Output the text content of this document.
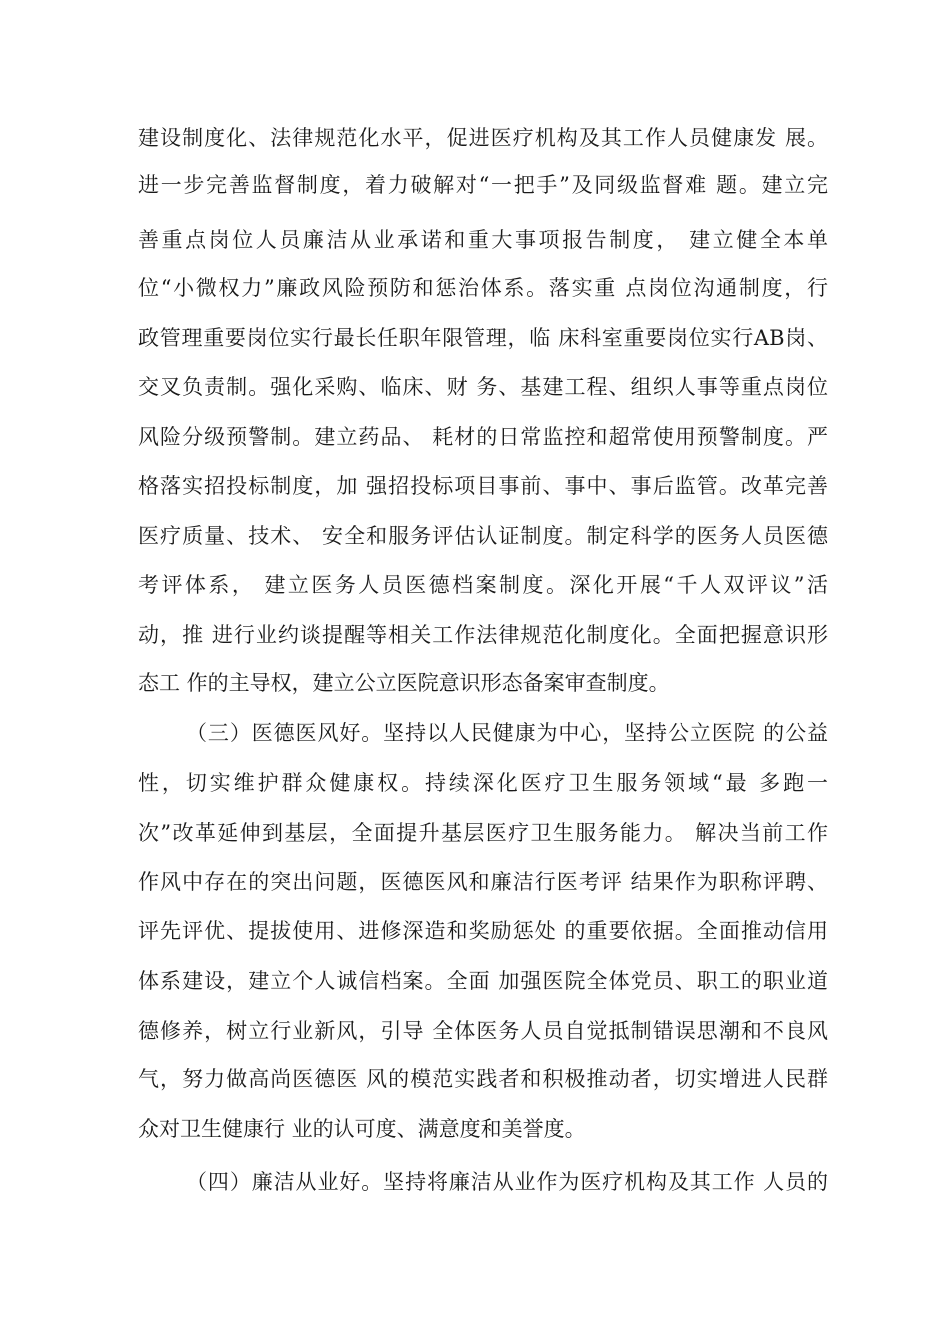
建设制度化、法律规范化水平，促进医疗机构及其工作人员健康发 展。
进一步完善监督制度，着力破解对“一把手”及同级监督难 题。建立完
善重点岗位人员廉洁从业承诺和重大事项报告制度， 建立健全本单
位“小微权力”廉政风险预防和惩治体系。落实重 点岗位沟通制度，行
政管理重要岗位实行最长任职年限管理，临 床科室重要岗位实行AB岗、
交叉负责制。强化采购、临床、财 务、基建工程、组织人事等重点岗位
风险分级预警制。建立药品、 耗材的日常监控和超常使用预警制度。严
格落实招投标制度，加 强招投标项目事前、事中、事后监管。改革完善
医疗质量、技术、 安全和服务评估认证制度。制定科学的医务人员医德
考评体系， 建立医务人员医德档案制度。深化开展“千人双评议”活
动，推 进行业约谈提醒等相关工作法律规范化制度化。全面把握意识形
态工 作的主导权，建立公立医院意识形态备案审查制度。
（三）医德医风好。坚持以人民健康为中心，坚持公立医院 的公益
性，切实维护群众健康权。持续深化医疗卫生服务领域“最 多跑一
次”改革延伸到基层，全面提升基层医疗卫生服务能力。 解决当前工作
作风中存在的突出问题，医德医风和廉洁行医考评 结果作为职称评聘、
评先评优、提拔使用、进修深造和奖励惩处 的重要依据。全面推动信用
体系建设，建立个人诚信档案。全面 加强医院全体党员、职工的职业道
德修养，树立行业新风，引导 全体医务人员自觉抵制错误思潮和不良风
气，努力做高尚医德医 风的模范实践者和积极推动者，切实增进人民群
众对卫生健康行 业的认可度、满意度和美誉度。
（四）廉洁从业好。坚持将廉洁从业作为医疗机构及其工作 人员的
